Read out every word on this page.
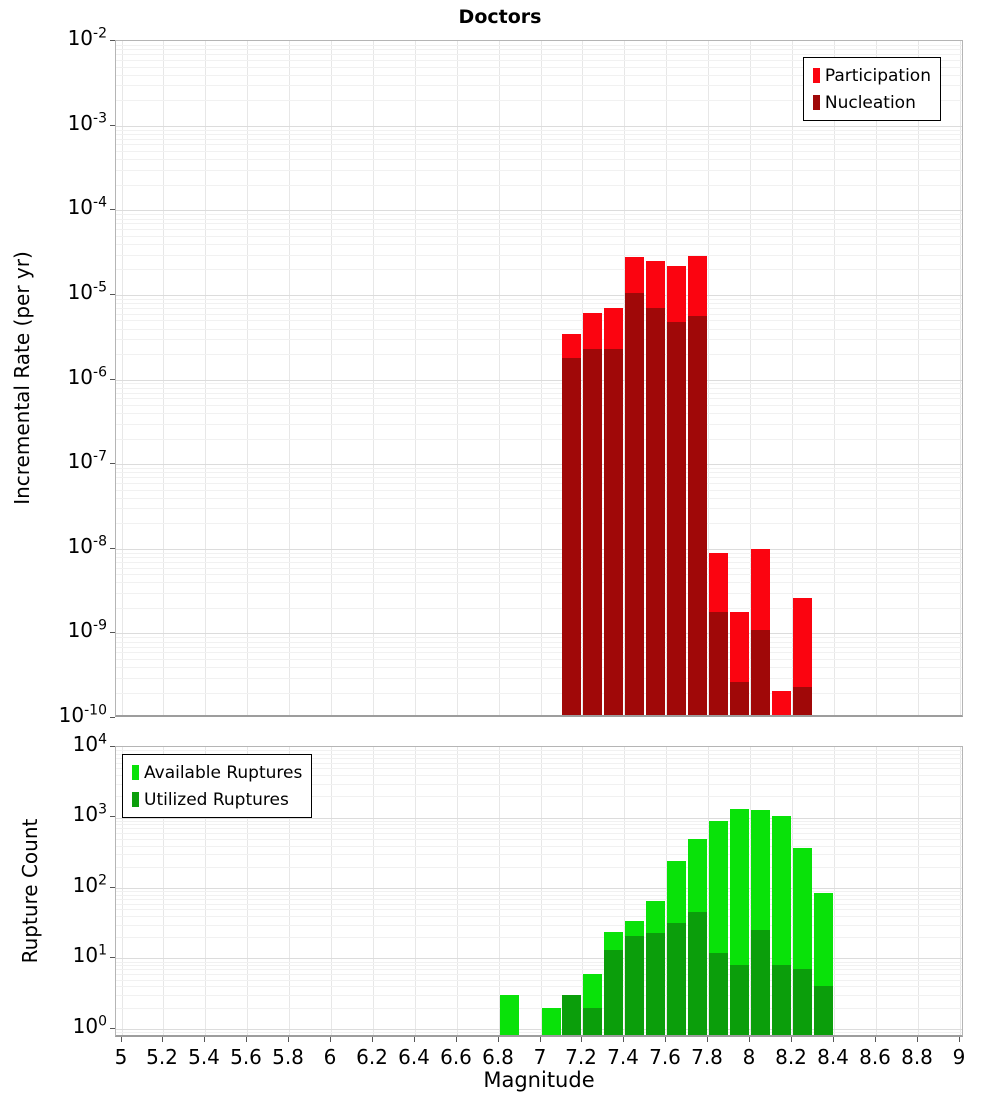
Doctors
Incremental Rate (per yr)
Rupture Count
Magnitude
$10^{-2}$
$10^{-3}$
$10^{-4}$
$10^{-5}$
$10^{-6}$
$10^{-7}$
$10^{-8}$
$10^{-9}$
$10^{-10}$
Participation
Nucleation
$10^4$
$10^3$
$10^2$
$10^1$
$10^0$
5 5.2 5.4 5.6 5.8 6 6.2 6.4 6.6 6.8 7 7.2 7.4 7.6 7.8 8 8.2 8.4 8.6 8.8 9
Available Ruptures
Utilized Ruptures
